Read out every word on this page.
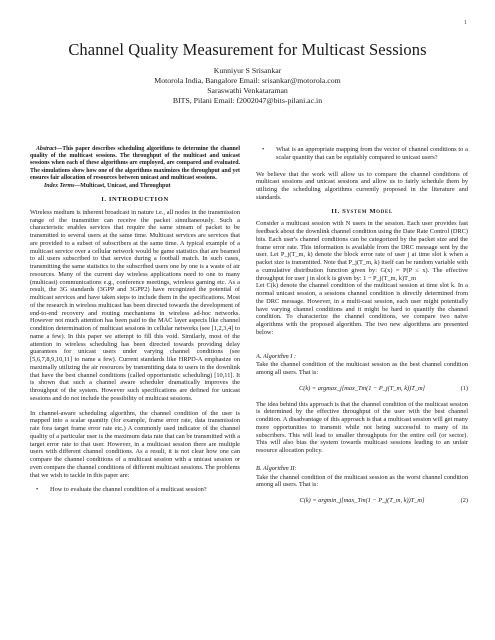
1
Channel Quality Measurement for Multicast Sessions
Kunniyur S Srisankar
Motorola India, Bangalore Email: srisankar@motorola.com
Saraswathi Venkataraman
BITS, Pilani Email: f2002047@bits-pilani.ac.in

Abstract—This paper describes scheduling algorithms to determine the channel quality of the multicast sessions. The throughput of the multicast and unicast sessions when each of these algorithms are employed, are compared and evaluated. The simulations show how one of the algorithms maximizes the throughput and yet ensures fair allocation of resources between unicast and multicast sessions.

Index Terms—Multicast, Unicast, and Throughput

I. INTRODUCTION

Wireless medium is inherent broadcast in nature i.e., all nodes in the transmission range of the transmitter can receive the packet simultaneously. Such a characteristic enables services that require the same stream of packet to be transmitted to several users at the same time. Multicast services are services that are provided to a subset of subscribers at the same time. A typical example of a multicast service over a cellular network would be game statistics that are beamed to all users subscribed to that service during a football match. In such cases, transmitting the same statistics to the subscribed users one by one is a waste of air resources. Many of the current day wireless applications need to one to many (multicast) communications e.g., conference meetings, wireless gaming etc. As a result, the 3G standards (3GPP and 3GPP2) have recognized the potential of multicast services and have taken steps to include them in the specifications. Most of the research in wireless multicast has been directed towards the development of end-to-end recovery and routing mechanisms in wireless ad-hoc networks. However not much attention has been paid to the MAC layer aspects like channel condition determination of multicast sessions in cellular networks (see [1,2,3,4] to name a few). In this paper we attempt to fill this void. Similarly, most of the attention in wireless scheduling has been directed towards providing delay guarantees for unicast users under varying channel conditions (see [5,6,7,8,9,10,11] to name a few). Current standards like HRPD-A emphasize on maximally utilizing the air resources by transmitting data to users in the downlink that have the best channel conditions (called opportunistic scheduling) [10,11]. It is shown that such a channel aware scheduler dramatically improves the throughput of the system. However such specifications are defined for unicast sessions and do not include the possibility of multicast sessions.

In channel-aware scheduling algorithm, the channel condition of the user is mapped into a scalar quantity (for example, frame error rate, data transmission rate fora target frame error rate etc.) A commonly used indicator of the channel quality of a particular user is the maximum data rate that can be transmitted with a target error rate to that user. However, in a multicast session there are multiple users with different channel conditions. As a result, it is not clear how one can compare the channel conditions of a multicast session with a unicast session or even compare the channel conditions of different multicast sessions. The problems that we wish to tackle in this paper are:

• How to evaluate the channel condition of a multicast session?
• What is an appropriate mapping from the vector of channel conditions to a scalar quantity that can be equitably compared to unicast users?

We believe that the work will allow us to compare the channel conditions of multicast sessions and unicast sessions and allow us to fairly schedule them by utilizing the scheduling algorithms currently proposed in the literature and standards.

II. System Model

Consider a multicast session with N users in the session. Each user provides fast feedback about the downlink channel condition using the Date Rate Control (DRC) bits. Each user's channel conditions can be categorized by the packet size and the frame error rate. This information is available from the DRC message sent by the user. Let P_j(T_m, k) denote the block error rate of user j at time slot k when a packet size is transmitted. Note that P_j(T_m, k) itself can be random variable with a cumulative distribution function given by: G(x) = P(P ≤ x). The effective throughput for user j in slot k is given by: 1 − P_j(T_m, k)T_m

Let C(k) denote the channel condition of the multicast session at time slot k. In a normal unicast session, a sessions channel condition is directly determined from the DRC message. However, in a multi-cast session, each user might potentially have varying channel conditions and it might be hard to quantify the channel condition. To characterize the channel conditions, we compare two naive algorithms with the proposed algorithm. The two new algorithms are presented below:

A. Algorithm I :

Take the channel condition of the multicast session as the best channel condition among all users. That is:

C(k) = argmax_j[max_Tm(1 − P_j(T_m, k))T_m]	(1)

The idea behind this approach is that the channel condition of the multicast session is determined by the effective throughput of the user with the best channel condition. A disadvantage of this approach is that a multicast session will get many more opportunities to transmit while not being successful to many of its subscribers. This will lead to smaller throughputs for the entire cell (or sector). This will also bias the system towards multicast sessions leading to an unfair resource allocation policy.

B. Algorithm II:

Take the channel condition of the multicast session as the worst channel condition among all users. That is:

C(k) = argmin_j[max_Tm(1 − P_j(T_m, k))T_m]	(2)
